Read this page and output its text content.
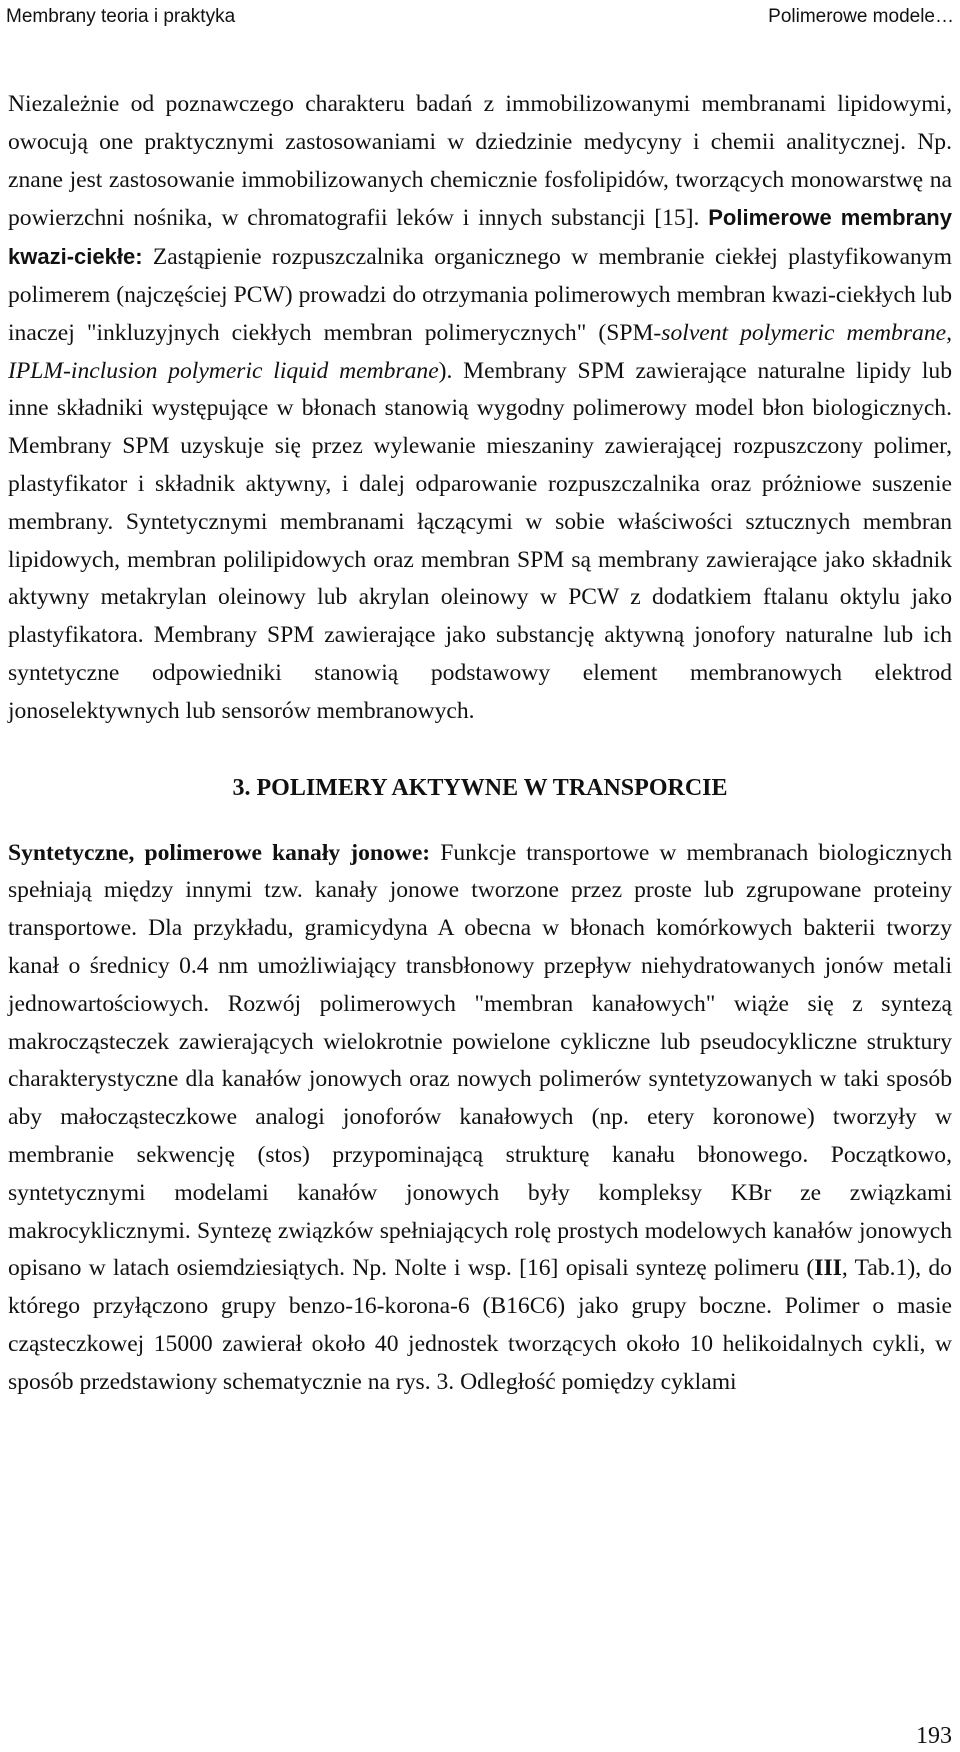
Membrany teoria i praktyka	Polimerowe modele…

Niezależnie od poznawczego charakteru badań z immobilizowanymi membranami lipidowymi, owocują one praktycznymi zastosowaniami w dziedzinie medycyny i chemii analitycznej. Np. znane jest zastosowanie immobilizowanych chemicznie fosfolipidów, tworzących monowarstwę na powierzchni nośnika, w chromatografii leków i innych substancji [15]. Polimerowe membrany kwazi-ciekłe: Zastąpienie rozpuszczalnika organicznego w membranie ciekłej plastyfikowanym polimerem (najczęściej PCW) prowadzi do otrzymania polimerowych membran kwazi-ciekłych lub inaczej "inkluzyjnych ciekłych membran polimerycznych" (SPM-solvent polymeric membrane, IPLM-inclusion polymeric liquid membrane). Membrany SPM zawierające naturalne lipidy lub inne składniki występujące w błonach stanowią wygodny polimerowy model błon biologicznych. Membrany SPM uzyskuje się przez wylewanie mieszaniny zawierającej rozpuszczony polimer, plastyfikator i składnik aktywny, i dalej odparowanie rozpuszczalnika oraz próżniowe suszenie membrany. Syntetycznymi membranami łączącymi w sobie właściwości sztucznych membran lipidowych, membran polilipidowych oraz membran SPM są membrany zawierające jako składnik aktywny metakrylan oleinowy lub akrylan oleinowy w PCW z dodatkiem ftalanu oktylu jako plastyfikatora. Membrany SPM zawierające jako substancję aktywną jonofory naturalne lub ich syntetyczne odpowiedniki stanowią podstawowy element membranowych elektrod jonoselektywnych lub sensorów membranowych.

3. POLIMERY AKTYWNE W TRANSPORCIE

Syntetyczne, polimerowe kanały jonowe: Funkcje transportowe w membranach biologicznych spełniają między innymi tzw. kanały jonowe tworzone przez proste lub zgrupowane proteiny transportowe. Dla przykładu, gramicydyna A obecna w błonach komórkowych bakterii tworzy kanał o średnicy 0.4 nm umożliwiający transbłonowy przepływ niehydratowanych jonów metali jednowartościowych. Rozwój polimerowych "membran kanałowych" wiąże się z syntezą makrocząsteczek zawierających wielokrotnie powielone cykliczne lub pseudocykliczne struktury charakterystyczne dla kanałów jonowych oraz nowych polimerów syntetyzowanych w taki sposób aby małocząsteczkowe analogi jonoforów kanałowych (np. etery koronowe) tworzyły w membranie sekwencję (stos) przypominającą strukturę kanału błonowego. Początkowo, syntetycznymi modelami kanałów jonowych były kompleksy KBr ze związkami makrocyklicznymi. Syntezę związków spełniających rolę prostych modelowych kanałów jonowych opisano w latach osiemdziesiątych. Np. Nolte i wsp. [16] opisali syntezę polimeru (III, Tab.1), do którego przyłączono grupy benzo-16-korona-6 (B16C6) jako grupy boczne. Polimer o masie cząsteczkowej 15000 zawierał około 40 jednostek tworzących około 10 helikoidalnych cykli, w sposób przedstawiony schematycznie na rys. 3. Odległość pomiędzy cyklami

193
